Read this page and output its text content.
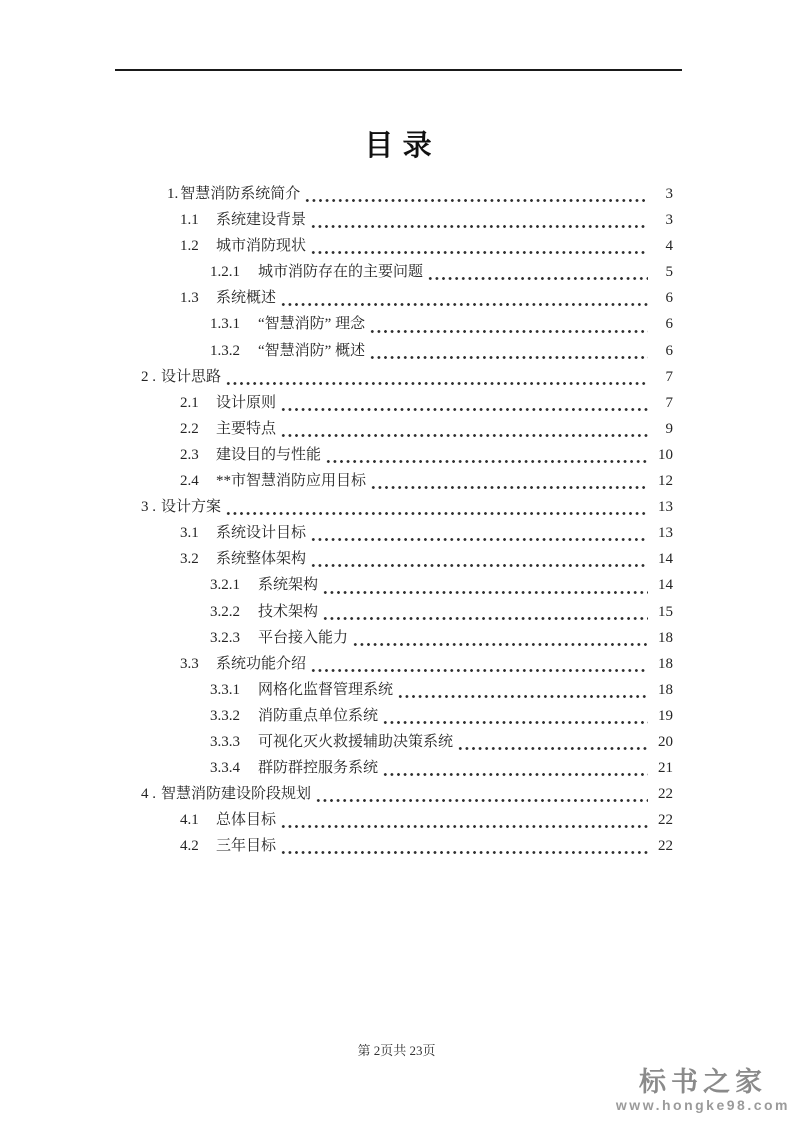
目 录
1. 智慧消防系统简介	3
1.1	系统建设背景	3
1.2	城市消防现状	4
1.2.1	城市消防存在的主要问题	5
1.3	系统概述	6
1.3.1	“智慧消防” 理念	6
1.3.2	“智慧消防” 概述	6
2 . 设计思路	7
2.1	设计原则	7
2.2	主要特点	9
2.3	建设目的与性能	10
2.4	**市智慧消防应用目标	12
3 . 设计方案	13
3.1	系统设计目标	13
3.2	系统整体架构	14
3.2.1	系统架构	14
3.2.2	技术架构	15
3.2.3	平台接入能力	18
3.3	系统功能介绍	18
3.3.1	网格化监督管理系统	18
3.3.2	消防重点单位系统	19
3.3.3	可视化灭火救援辅助决策系统	20
3.3.4	群防群控服务系统	21
4 . 智慧消防建设阶段规划	22
4.1	总体目标	22
4.2	三年目标	22
第 2页共 23页
标书之家
www.hongke98.com
